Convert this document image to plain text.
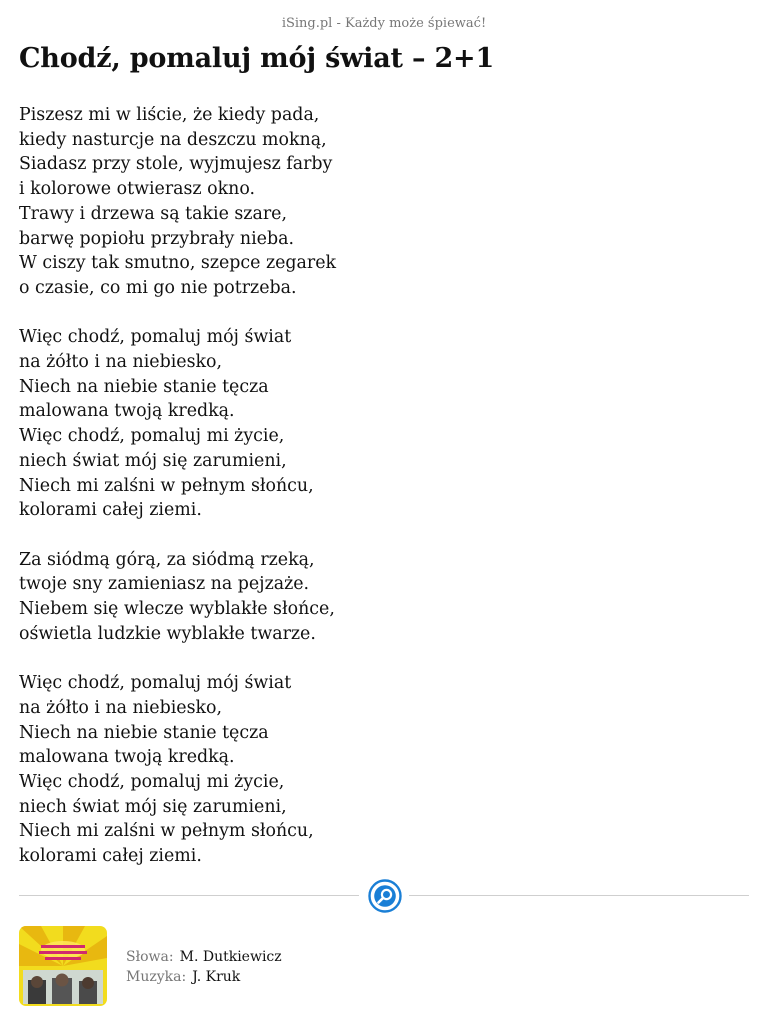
iSing.pl - Każdy może śpiewać!
Chodź, pomaluj mój świat – 2+1

Piszesz mi w liście, że kiedy pada,
kiedy nasturcje na deszczu mokną,
Siadasz przy stole, wyjmujesz farby
i kolorowe otwierasz okno.
Trawy i drzewa są takie szare,
barwę popiołu przybrały nieba.
W ciszy tak smutno, szepce zegarek
o czasie, co mi go nie potrzeba.

Więc chodź, pomaluj mój świat
na żółto i na niebiesko,
Niech na niebie stanie tęcza
malowana twoją kredką.
Więc chodź, pomaluj mi życie,
niech świat mój się zarumieni,
Niech mi zalśni w pełnym słońcu,
kolorami całej ziemi.

Za siódmą górą, za siódmą rzeką,
twoje sny zamieniasz na pejzaże.
Niebem się wlecze wyblakłe słońce,
oświetla ludzkie wyblakłe twarze.

Więc chodź, pomaluj mój świat
na żółto i na niebiesko,
Niech na niebie stanie tęcza
malowana twoją kredką.
Więc chodź, pomaluj mi życie,
niech świat mój się zarumieni,
Niech mi zalśni w pełnym słońcu,
kolorami całej ziemi.

Słowa: M. Dutkiewicz
Muzyka: J. Kruk
